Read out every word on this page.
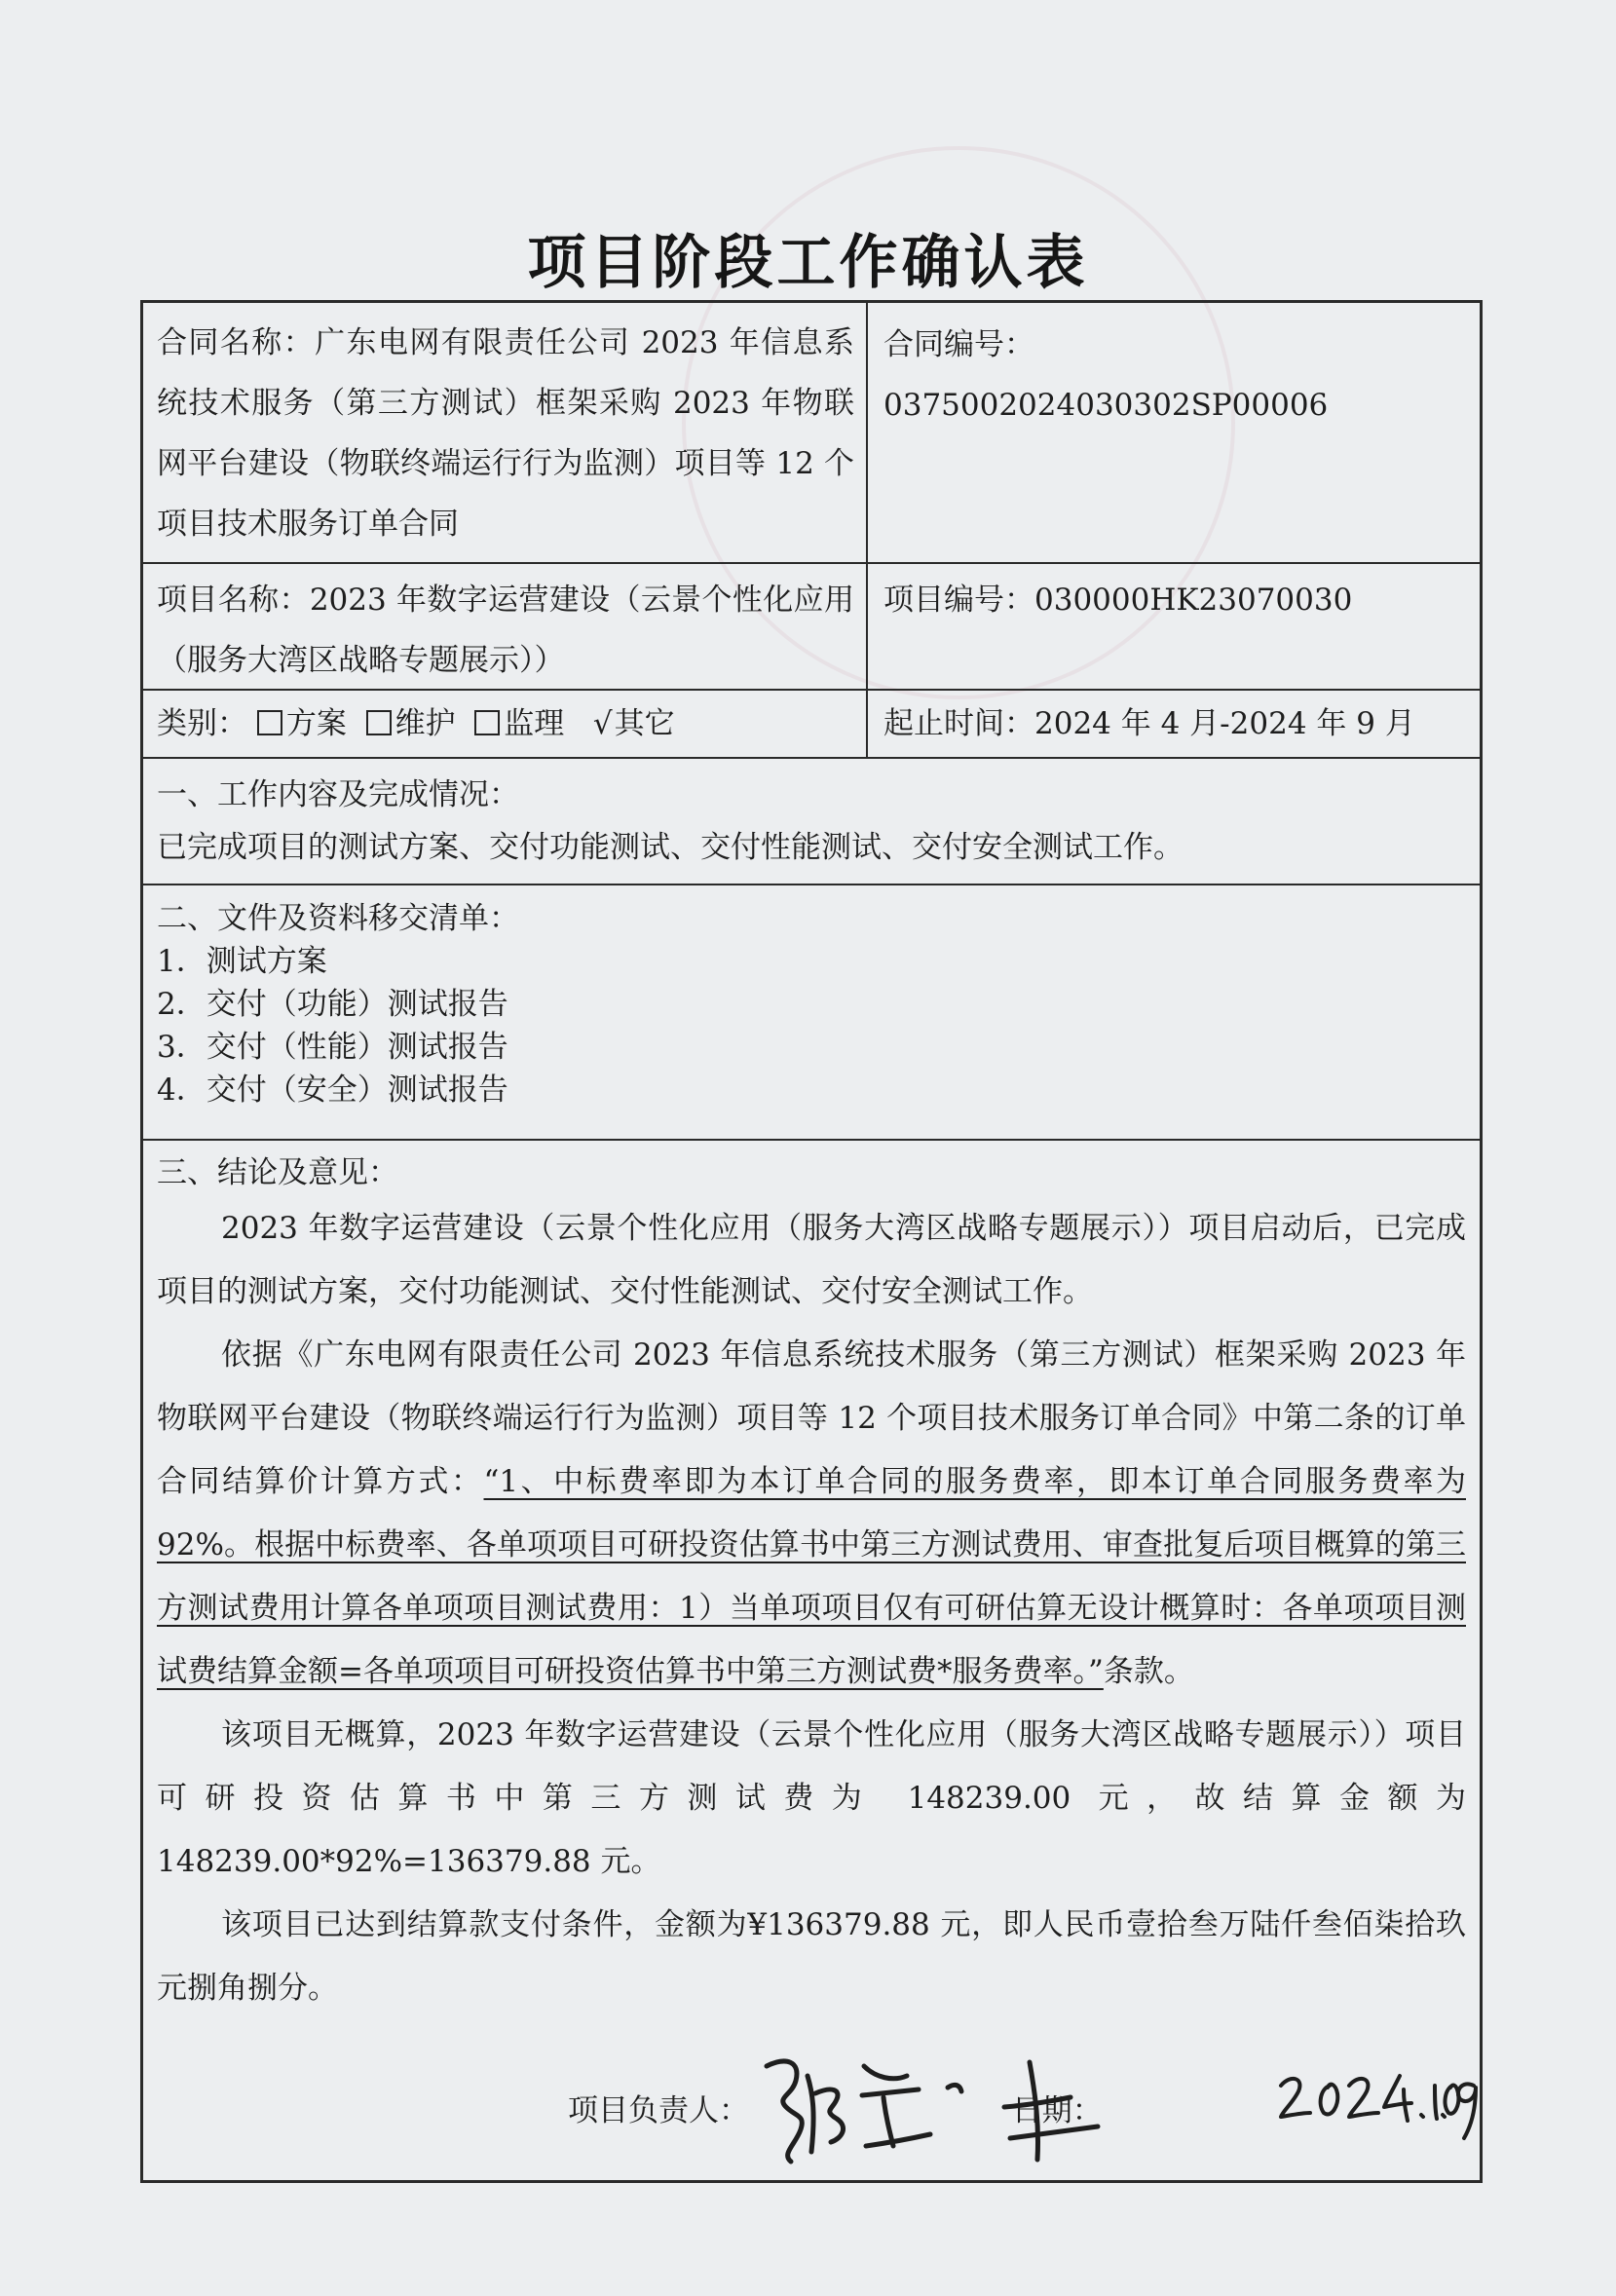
项目阶段工作确认表
合同名称：广东电网有限责任公司 2023 年信息系统技术服务（第三方测试）框架采购 2023 年物联网平台建设（物联终端运行行为监测）项目等 12 个项目技术服务订单合同
合同编号：0375002024030302SP00006
项目名称：2023 年数字运营建设（云景个性化应用（服务大湾区战略专题展示））
项目编号：030000HK23070030
类别： 方案 维护 监理 √其它	起止时间：2024 年 4 月-2024 年 9 月
一、工作内容及完成情况：
已完成项目的测试方案、交付功能测试、交付性能测试、交付安全测试工作。
二、文件及资料移交清单：
1．测试方案
2．交付（功能）测试报告
3．交付（性能）测试报告
4．交付（安全）测试报告
三、结论及意见：

2023 年数字运营建设（云景个性化应用（服务大湾区战略专题展示））项目启动后，已完成项目的测试方案，交付功能测试、交付性能测试、交付安全测试工作。

依据《广东电网有限责任公司 2023 年信息系统技术服务（第三方测试）框架采购 2023 年物联网平台建设（物联终端运行行为监测）项目等 12 个项目技术服务订单合同》中第二条的订单合同结算价计算方式：“1、中标费率即为本订单合同的服务费率，即本订单合同服务费率为 92%。根据中标费率、各单项项目可研投资估算书中第三方测试费用、审查批复后项目概算的第三方测试费用计算各单项项目测试费用：1）当单项项目仅有可研估算无设计概算时：各单项项目测试费结算金额=各单项项目可研投资估算书中第三方测试费*服务费率。”条款。

该项目无概算，2023 年数字运营建设（云景个性化应用（服务大湾区战略专题展示））项目可研投资估算书中第三方测试费为 148239.00 元，故结算金额为 148239.00*92%=136379.88 元。

该项目已达到结算款支付条件，金额为¥136379.88 元，即人民币壹拾叁万陆仟叁佰柒拾玖元捌角捌分。

项目负责人：	日期：
